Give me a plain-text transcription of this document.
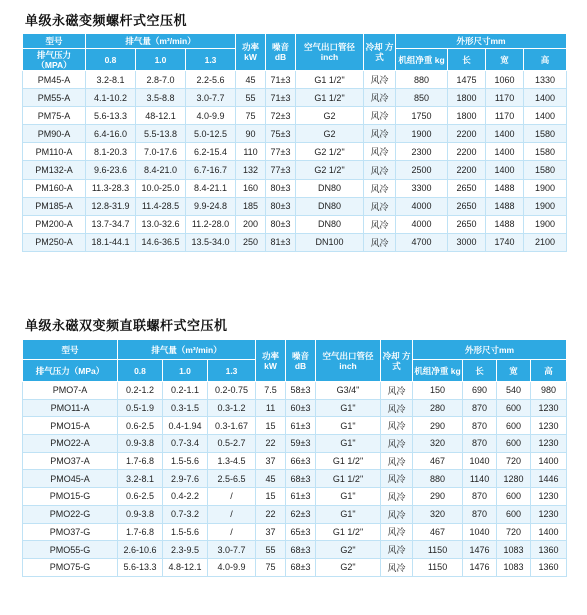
单级永磁变频螺杆式空压机
型号	排气量（m³/min）			功率 kW	噪音 dB	空气出口管径 inch	冷却 方式	外形尺寸mm			
排气压力（MPA）	0.8	1.0	1.3					机组净重 kg	长	宽	高
PM45-A	3.2-8.1	2.8-7.0	2.2-5.6	45	71±3	G1 1/2"	风冷	880	1475	1060	1330
PM55-A	4.1-10.2	3.5-8.8	3.0-7.7	55	71±3	G1 1/2"	风冷	850	1800	1170	1400
PM75-A	5.6-13.3	48-12.1	4.0-9.9	75	72±3	G2	风冷	1750	1800	1170	1400
PM90-A	6.4-16.0	5.5-13.8	5.0-12.5	90	75±3	G2	风冷	1900	2200	1400	1580
PM110-A	8.1-20.3	7.0-17.6	6.2-15.4	110	77±3	G2 1/2"	风冷	2300	2200	1400	1580
PM132-A	9.6-23.6	8.4-21.0	6.7-16.7	132	77±3	G2 1/2"	风冷	2500	2200	1400	1580
PM160-A	11.3-28.3	10.0-25.0	8.4-21.1	160	80±3	DN80	风冷	3300	2650	1488	1900
PM185-A	12.8-31.9	11.4-28.5	9.9-24.8	185	80±3	DN80	风冷	4000	2650	1488	1900
PM200-A	13.7-34.7	13.0-32.6	11.2-28.0	200	80±3	DN80	风冷	4000	2650	1488	1900
PM250-A	18.1-44.1	14.6-36.5	13.5-34.0	250	81±3	DN100	风冷	4700	3000	1740	2100
单级永磁双变频直联螺杆式空压机
型号	排气量（m³/min）			功率 kW	噪音 dB	空气出口管径 inch	冷却 方式	外形尺寸mm			
排气压力（MPa）	0.8	1.0	1.3					机组净重 kg	长	宽	高
PMO7-A	0.2-1.2	0.2-1.1	0.2-0.75	7.5	58±3	G3/4"	风冷	150	690	540	980
PMO11-A	0.5-1.9	0.3-1.5	0.3-1.2	11	60±3	G1"	风冷	280	870	600	1230
PMO15-A	0.6-2.5	0.4-1.94	0.3-1.67	15	61±3	G1"	风冷	290	870	600	1230
PMO22-A	0.9-3.8	0.7-3.4	0.5-2.7	22	59±3	G1"	风冷	320	870	600	1230
PMO37-A	1.7-6.8	1.5-5.6	1.3-4.5	37	66±3	G1 1/2"	风冷	467	1040	720	1400
PMO45-A	3.2-8.1	2.9-7.6	2.5-6.5	45	68±3	G1 1/2"	风冷	880	1140	1280	1446
PMO15-G	0.6-2.5	0.4-2.2	/	15	61±3	G1"	风冷	290	870	600	1230
PMO22-G	0.9-3.8	0.7-3.2	/	22	62±3	G1"	风冷	320	870	600	1230
PMO37-G	1.7-6.8	1.5-5.6	/	37	65±3	G1 1/2"	风冷	467	1040	720	1400
PMO55-G	2.6-10.6	2.3-9.5	3.0-7.7	55	68±3	G2"	风冷	1150	1476	1083	1360
PMO75-G	5.6-13.3	4.8-12.1	4.0-9.9	75	68±3	G2"	风冷	1150	1476	1083	1360
